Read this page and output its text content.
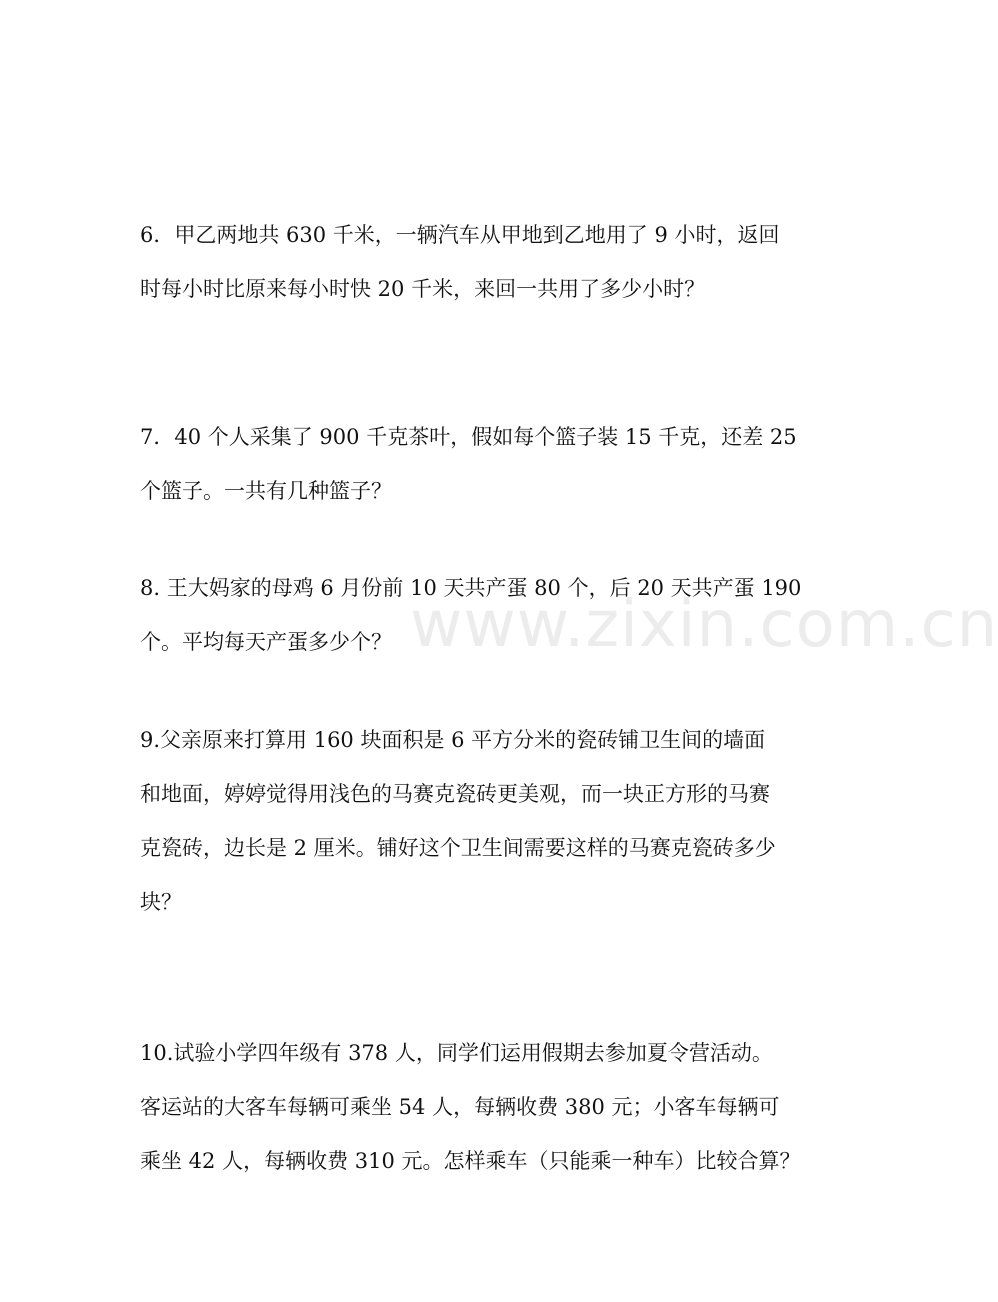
www.zixin.com.cn
6．甲乙两地共 630 千米，一辆汽车从甲地到乙地用了 9 小时，返回
时每小时比原来每小时快 20 千米，来回一共用了多少小时？
7．40 个人采集了 900 千克茶叶，假如每个篮子装 15 千克，还差 25
个篮子。一共有几种篮子？
8. 王大妈家的母鸡 6 月份前 10 天共产蛋 80 个，后 20 天共产蛋 190
个。平均每天产蛋多少个？
9.父亲原来打算用 160 块面积是 6 平方分米的瓷砖铺卫生间的墙面
和地面，婷婷觉得用浅色的马赛克瓷砖更美观，而一块正方形的马赛
克瓷砖，边长是 2 厘米。铺好这个卫生间需要这样的马赛克瓷砖多少
块？
10.试验小学四年级有 378 人，同学们运用假期去参加夏令营活动。
客运站的大客车每辆可乘坐 54 人，每辆收费 380 元；小客车每辆可
乘坐 42 人，每辆收费 310 元。怎样乘车（只能乘一种车）比较合算？
